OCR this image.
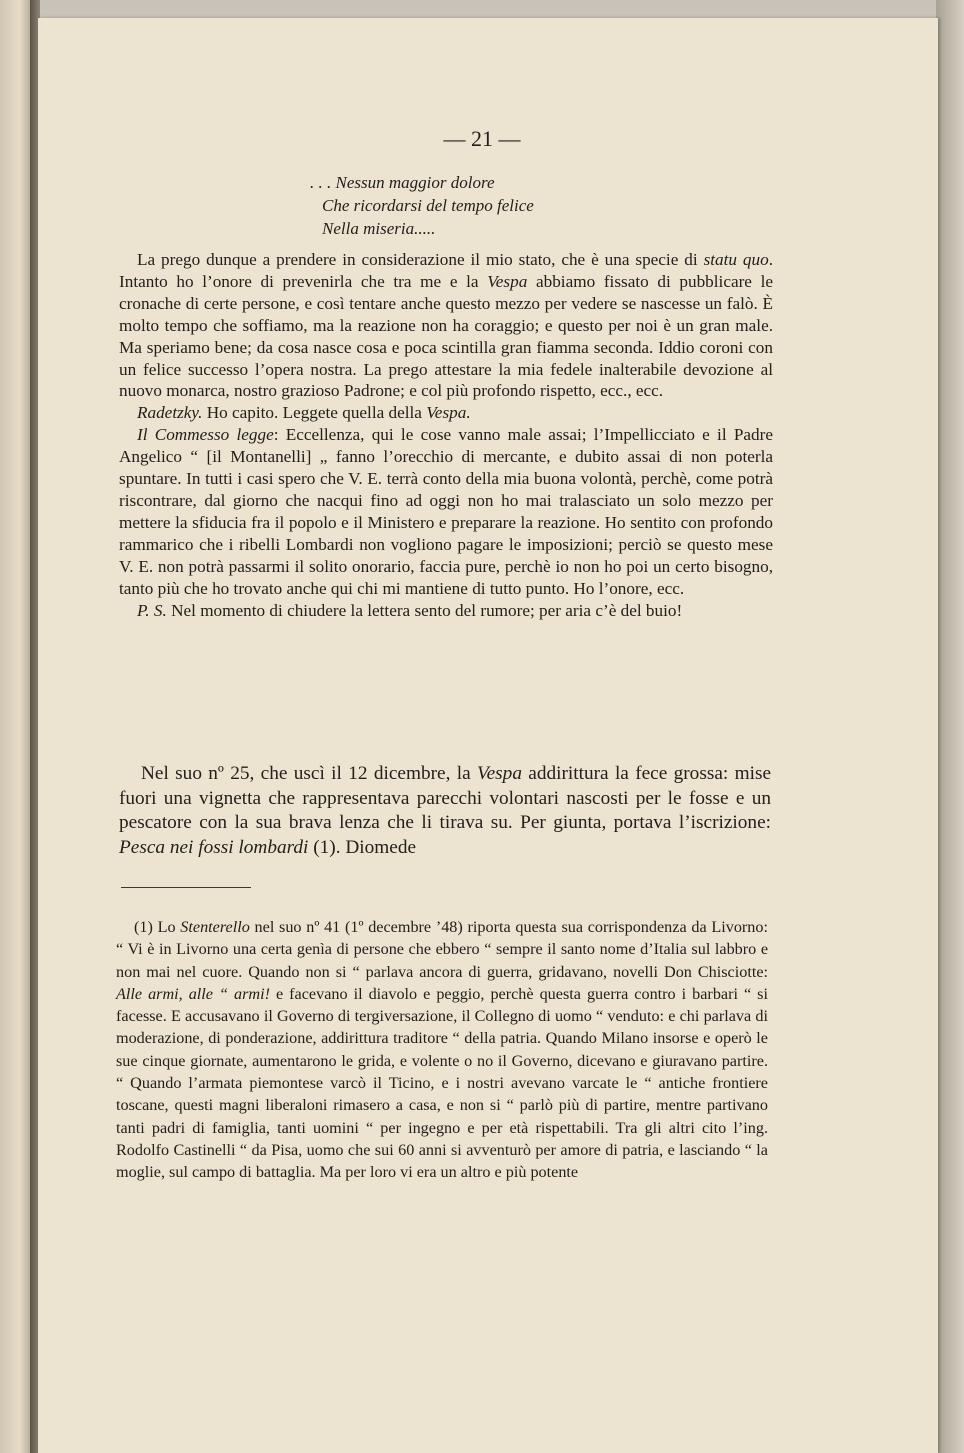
— 21 —
. . . Nessun maggior dolore
Che ricordarsi del tempo felice
Nella miseria.....

La prego dunque a prendere in considerazione il mio stato, che è una specie di statu quo. Intanto ho l’onore di prevenirla che tra me e la Vespa abbiamo fissato di pubblicare le cronache di certe persone, e così tentare anche questo mezzo per vedere se nascesse un falò. È molto tempo che soffiamo, ma la reazione non ha coraggio; e questo per noi è un gran male. Ma speriamo bene; da cosa nasce cosa e poca scintilla gran fiamma seconda. Iddio coroni con un felice successo l’opera nostra. La prego attestare la mia fedele inalterabile devozione al nuovo monarca, nostro grazioso Padrone; e col più profondo rispetto, ecc., ecc.

Radetzky. Ho capito. Leggete quella della Vespa.

Il Commesso legge: Eccellenza, qui le cose vanno male assai; l’Impellicciato e il Padre Angelico “ [il Montanelli] „ fanno l’orecchio di mercante, e dubito assai di non poterla spuntare. In tutti i casi spero che V. E. terrà conto della mia buona volontà, perchè, come potrà riscontrare, dal giorno che nacqui fino ad oggi non ho mai tralasciato un solo mezzo per mettere la sfiducia fra il popolo e il Ministero e preparare la reazione. Ho sentito con profondo rammarico che i ribelli Lombardi non vogliono pagare le imposizioni; perciò se questo mese V. E. non potrà passarmi il solito onorario, faccia pure, perchè io non ho poi un certo bisogno, tanto più che ho trovato anche qui chi mi mantiene di tutto punto. Ho l’onore, ecc.

P. S. Nel momento di chiudere la lettera sento del rumore; per aria c’è del buio!

Nel suo nº 25, che uscì il 12 dicembre, la Vespa addirittura la fece grossa: mise fuori una vignetta che rappresentava parecchi volontari nascosti per le fosse e un pescatore con la sua brava lenza che li tirava su. Per giunta, portava l’iscrizione: Pesca nei fossi lombardi (1). Diomede

(1) Lo Stenterello nel suo nº 41 (1º decembre ’48) riporta questa sua corrispondenza da Livorno: “ Vi è in Livorno una certa genìa di persone che ebbero “ sempre il santo nome d’Italia sul labbro e non mai nel cuore. Quando non si “ parlava ancora di guerra, gridavano, novelli Don Chisciotte: Alle armi, alle “ armi! e facevano il diavolo e peggio, perchè questa guerra contro i barbari “ si facesse. E accusavano il Governo di tergiversazione, il Collegno di uomo “ venduto: e chi parlava di moderazione, di ponderazione, addirittura traditore “ della patria. Quando Milano insorse e operò le sue cinque giornate, aumentarono le grida, e volente o no il Governo, dicevano e giuravano partire. “ Quando l’armata piemontese varcò il Ticino, e i nostri avevano varcate le “ antiche frontiere toscane, questi magni liberaloni rimasero a casa, e non si “ parlò più di partire, mentre partivano tanti padri di famiglia, tanti uomini “ per ingegno e per età rispettabili. Tra gli altri cito l’ing. Rodolfo Castinelli “ da Pisa, uomo che sui 60 anni si avventurò per amore di patria, e lasciando “ la moglie, sul campo di battaglia. Ma per loro vi era un altro e più potente
